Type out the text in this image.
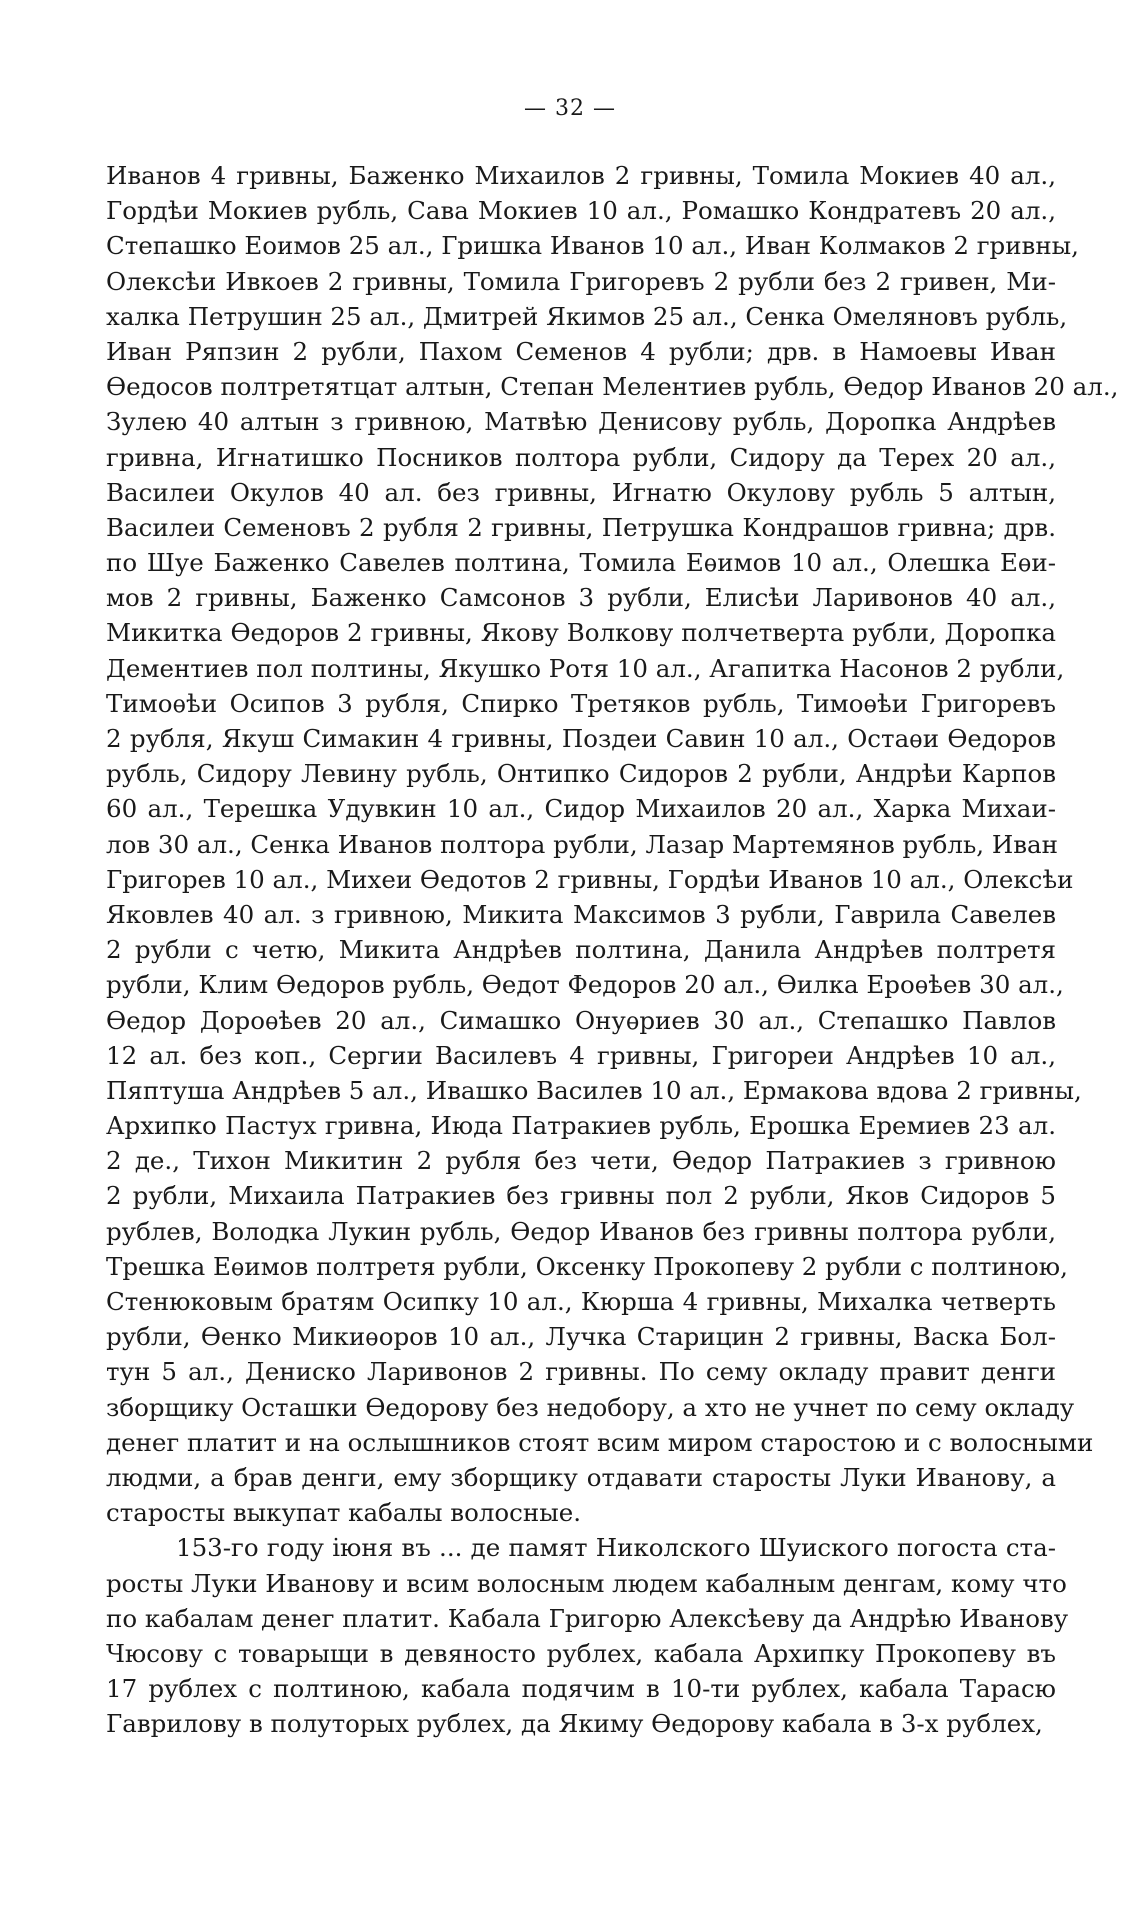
— 32 —
Иванов 4 гривны, Баженко Михаилов 2 гривны, Томила Мокиев 40 ал.,
Гордѣи Мокиев рубль, Сава Мокиев 10 ал., Ромашко Кондратевъ 20 ал.,
Степашко Еоимов 25 ал., Гришка Иванов 10 ал., Иван Колмаков 2 гривны,
Олексѣи Ивкоев 2 гривны, Томила Григоревъ 2 рубли без 2 гривен, Ми-
халка Петрушин 25 ал., Дмитрей Якимов 25 ал., Сенка Омеляновъ рубль,
Иван Ряпзин 2 рубли, Пахом Семенов 4 рубли; дрв. в Намоевы Иван
Ѳедосов полтретятцат алтын, Степан Мелентиев рубль, Ѳедор Иванов 20 ал.,
Зулею 40 алтын з гривною, Матвѣю Денисову рубль, Доропка Андрѣев
гривна, Игнатишко Посников полтора рубли, Сидору да Терех 20 ал.,
Василеи Окулов 40 ал. без гривны, Игнатю Окулову рубль 5 алтын,
Василеи Семеновъ 2 рубля 2 гривны, Петрушка Кондрашов гривна; дрв.
по Шуе Баженко Савелев полтина, Томила Еѳимов 10 ал., Олешка Еѳи-
мов 2 гривны, Баженко Самсонов 3 рубли, Елисѣи Ларивонов 40 ал.,
Микитка Ѳедоров 2 гривны, Якову Волкову полчетверта рубли, Доропка
Дементиев пол полтины, Якушко Ротя 10 ал., Агапитка Насонов 2 рубли,
Тимоѳѣи Осипов 3 рубля, Спирко Третяков рубль, Тимоѳѣи Григоревъ
2 рубля, Якуш Симакин 4 гривны, Поздеи Савин 10 ал., Остаѳи Ѳедоров
рубль, Сидору Левину рубль, Онтипко Сидоров 2 рубли, Андрѣи Карпов
60 ал., Терешка Удувкин 10 ал., Сидор Михаилов 20 ал., Харка Михаи-
лов 30 ал., Сенка Иванов полтора рубли, Лазар Мартемянов рубль, Иван
Григорев 10 ал., Михеи Ѳедотов 2 гривны, Гордѣи Иванов 10 ал., Олексѣи
Яковлев 40 ал. з гривною, Микита Максимов 3 рубли, Гаврила Савелев
2 рубли с четю, Микита Андрѣев полтина, Данила Андрѣев полтретя
рубли, Клим Ѳедоров рубль, Ѳедот Федоров 20 ал., Ѳилка Ероѳѣев 30 ал.,
Ѳедор Дороѳѣев 20 ал., Симашко Онуѳриев 30 ал., Степашко Павлов
12 ал. без коп., Сергии Василевъ 4 гривны, Григореи Андрѣев 10 ал.,
Пяптуша Андрѣев 5 ал., Ивашко Василев 10 ал., Ермакова вдова 2 гривны,
Архипко Пастух гривна, Июда Патракиев рубль, Ерошка Еремиев 23 ал.
2 де., Тихон Микитин 2 рубля без чети, Ѳедор Патракиев з гривною
2 рубли, Михаила Патракиев без гривны пол 2 рубли, Яков Сидоров 5
рублев, Володка Лукин рубль, Ѳедор Иванов без гривны полтора рубли,
Трешка Еѳимов полтретя рубли, Оксенку Прокопеву 2 рубли с полтиною,
Стенюковым братям Осипку 10 ал., Кюрша 4 гривны, Михалка четверть
рубли, Ѳенко Микиѳоров 10 ал., Лучка Старицин 2 гривны, Васка Бол-
тун 5 ал., Дениско Ларивонов 2 гривны. По сему окладу правит денги
зборщику Осташки Ѳедорову без недобору, а хто не учнет по сему окладу
денег платит и на ослышников стоят всим миром старостою и с волосными
людми, а брав денги, ему зборщику отдавати старосты Луки Иванову, а
старосты выкупат кабалы волосные.
153-го году iюня въ ... де памят Николского Шуиского погоста ста-
росты Луки Иванову и всим волосным людем кабалным денгам, кому что
по кабалам денег платит. Кабала Григорю Алексѣеву да Андрѣю Иванову
Чюсову с товарыщи в девяносто рублех, кабала Архипку Прокопеву въ
17 рублех с полтиною, кабала подячим в 10-ти рублех, кабала Тарасю
Гаврилову в полуторых рублех, да Якиму Ѳедорову кабала в 3-х рублех,
